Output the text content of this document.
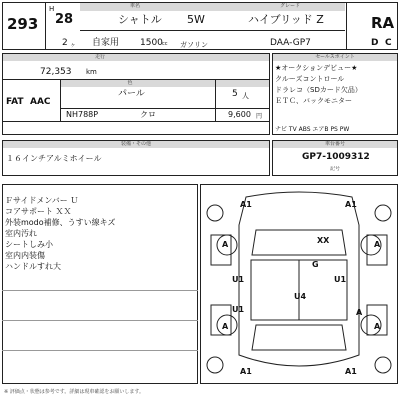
293
H
28
2 ヶ
車名	グレード
シャトル 5W	ハイブリッド Z
自家用 1500 cc ガソリン	DAA-GP7
RA
D C
走行
72,353 km
色
FAT AAC
パール	5 人
NH788P	クロ	9,600 円
セールスポイント
★オークションデビュー★
クルーズコントロール
ドラレコ（SDカード欠品）
ＥＴＣ、バックモニター
ナビ TV ABS エアB PS PW
装備・その他
１６インチアルミホイール
車台番号
GP7-1009312
記号
Ｆサイドメンバー Ｕ
コアサポート ＸＸ
外装modo補修、うすい線キズ
室内汚れ
シートしみ小
室内内装傷
ハンドルすれ大
A1	A1
A	XX
G
A
U1	U1
U1
U4
A
A
A
A1	A1
※ 評価点・状態は参考です。詳細は現車確認をお願いします。
